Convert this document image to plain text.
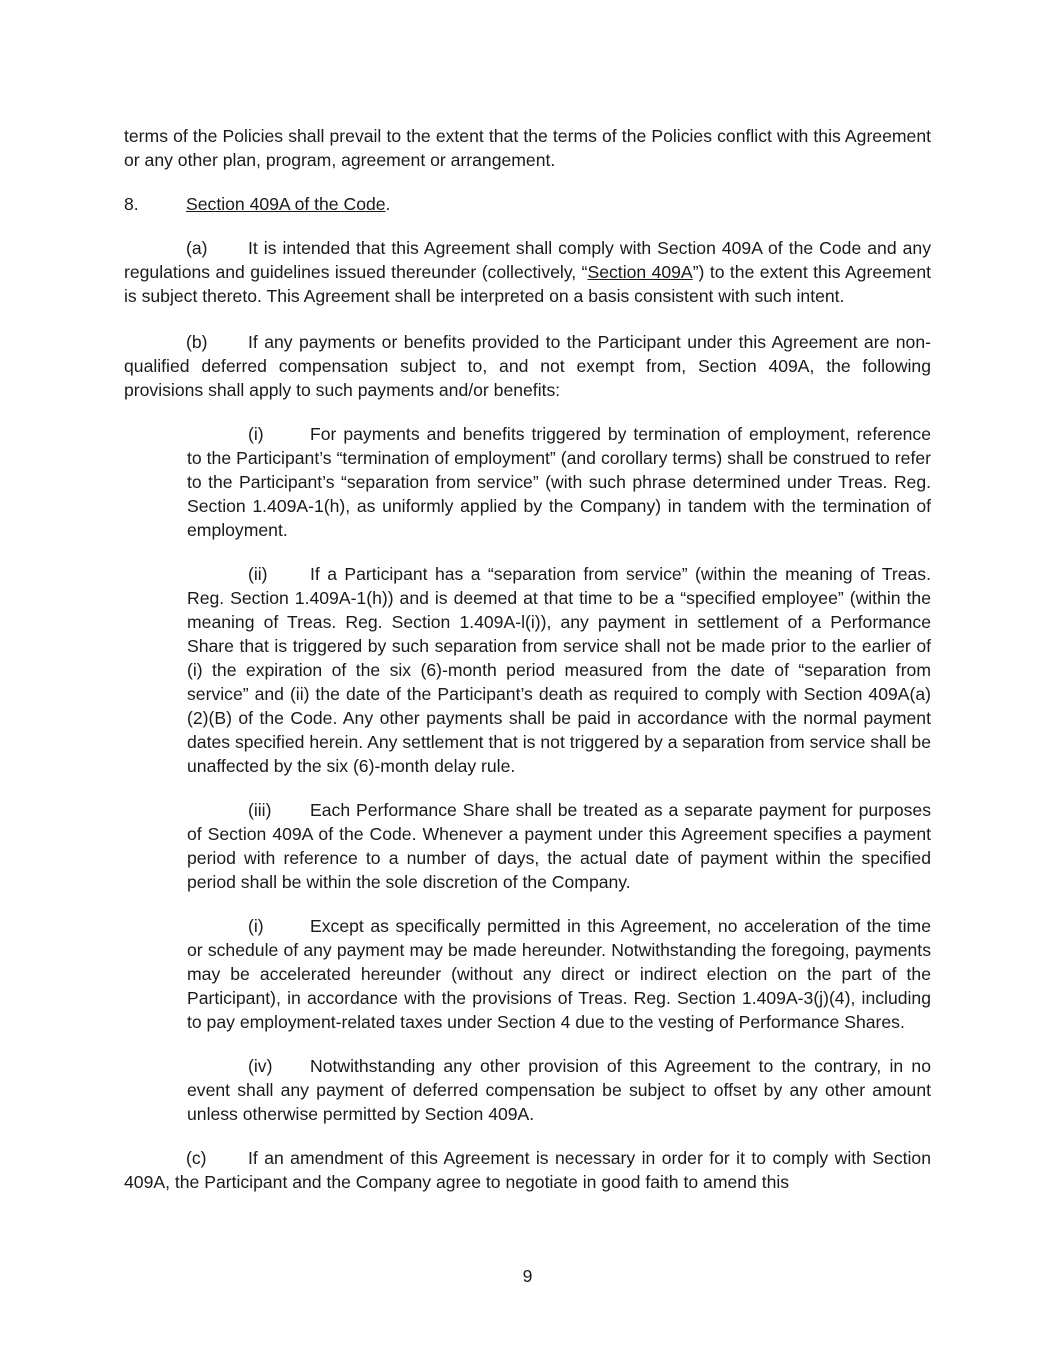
terms of the Policies shall prevail to the extent that the terms of the Policies conflict with this Agreement or any other plan, program, agreement or arrangement.

8.	Section 409A of the Code.

(a) It is intended that this Agreement shall comply with Section 409A of the Code and any regulations and guidelines issued thereunder (collectively, “Section 409A”) to the extent this Agreement is subject thereto. This Agreement shall be interpreted on a basis consistent with such intent.

(b) If any payments or benefits provided to the Participant under this Agreement are non-qualified deferred compensation subject to, and not exempt from, Section 409A, the following provisions shall apply to such payments and/or benefits:

(i)	For payments and benefits triggered by termination of employment, reference to the Participant’s “termination of employment” (and corollary terms) shall be construed to refer to the Participant’s “separation from service” (with such phrase determined under Treas. Reg. Section 1.409A-1(h), as uniformly applied by the Company) in tandem with the termination of employment.

(ii) If a Participant has a “separation from service” (within the meaning of Treas. Reg. Section 1.409A-1(h)) and is deemed at that time to be a “specified employee” (within the meaning of Treas. Reg. Section 1.409A-l(i)), any payment in settlement of a Performance Share that is triggered by such separation from service shall not be made prior to the earlier of (i) the expiration of the six (6)-month period measured from the date of “separation from service” and (ii) the date of the Participant’s death as required to comply with Section 409A(a)(2)(B) of the Code. Any other payments shall be paid in accordance with the normal payment dates specified herein. Any settlement that is not triggered by a separation from service shall be unaffected by the six (6)-month delay rule.

(iii) Each Performance Share shall be treated as a separate payment for purposes of Section 409A of the Code. Whenever a payment under this Agreement specifies a payment period with reference to a number of days, the actual date of payment within the specified period shall be within the sole discretion of the Company.

(i)	Except as specifically permitted in this Agreement, no acceleration of the time or schedule of any payment may be made hereunder. Notwithstanding the foregoing, payments may be accelerated hereunder (without any direct or indirect election on the part of the Participant), in accordance with the provisions of Treas. Reg. Section 1.409A-3(j)(4), including to pay employment-related taxes under Section 4 due to the vesting of Performance Shares.

(iv) Notwithstanding any other provision of this Agreement to the contrary, in no event shall any payment of deferred compensation be subject to offset by any other amount unless otherwise permitted by Section 409A.

(c) If an amendment of this Agreement is necessary in order for it to comply with Section 409A, the Participant and the Company agree to negotiate in good faith to amend this

9
